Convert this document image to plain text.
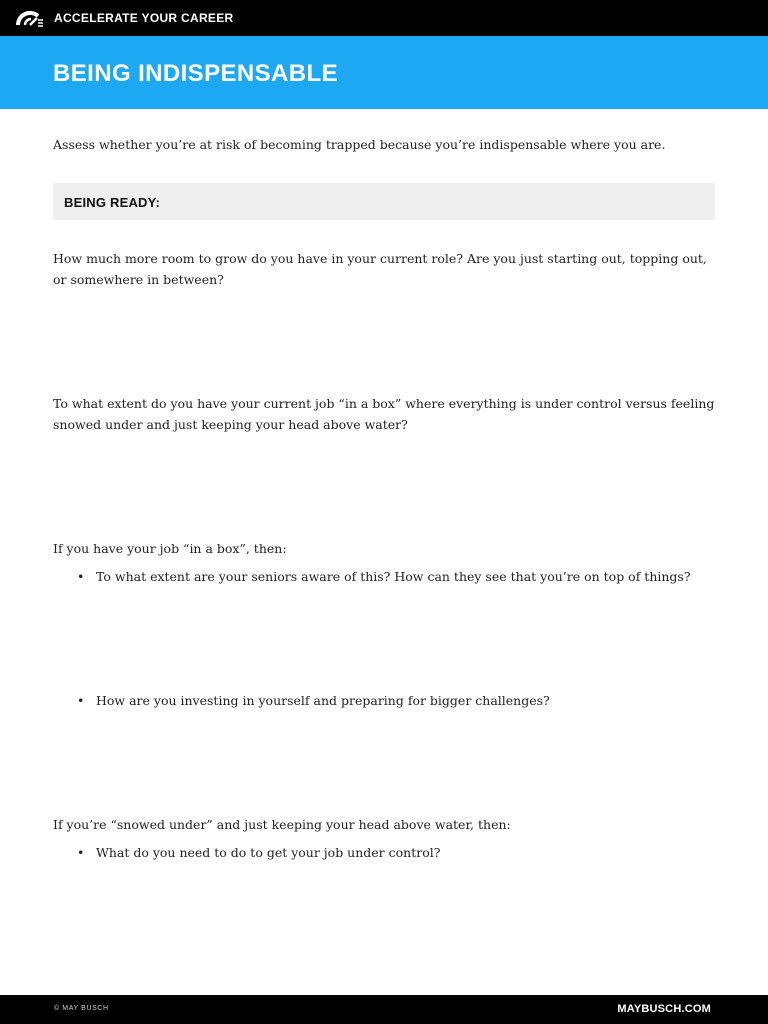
ACCELERATE YOUR CAREER
BEING INDISPENSABLE

Assess whether you’re at risk of becoming trapped because you’re indispensable where you are.

BEING READY:

How much more room to grow do you have in your current role? Are you just starting out, topping out, or somewhere in between?

To what extent do you have your current job “in a box” where everything is under control versus feeling snowed under and just keeping your head above water?

If you have your job “in a box”, then:

• To what extent are your seniors aware of this? How can they see that you’re on top of things?
• How are you investing in yourself and preparing for bigger challenges?

If you’re “snowed under” and just keeping your head above water, then:

• What do you need to do to get your job under control?
© MAY BUSCH	MAYBUSCH.COM
